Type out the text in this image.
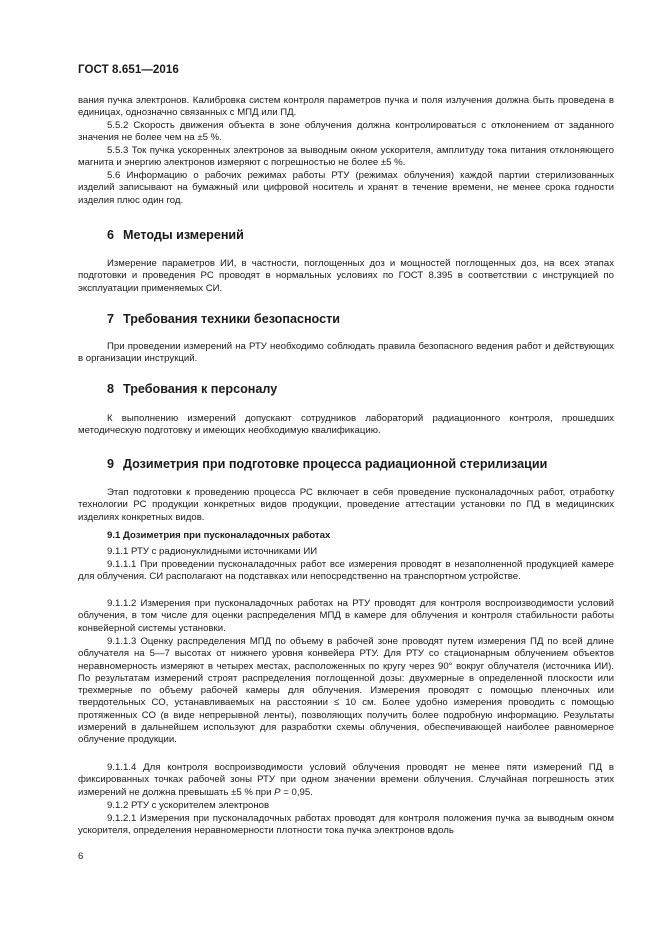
ГОСТ 8.651—2016
вания пучка электронов. Калибровка систем контроля параметров пучка и поля излучения должна быть проведена в единицах, однозначно связанных с МПД или ПД.
5.5.2 Скорость движения объекта в зоне облучения должна контролироваться с отклонением от заданного значения не более чем на ±5 %.
5.5.3 Ток пучка ускоренных электронов за выводным окном ускорителя, амплитуду тока питания отклоняющего магнита и энергию электронов измеряют с погрешностью не более ±5 %.
5.6 Информацию о рабочих режимах работы РТУ (режимах облучения) каждой партии стерилизованных изделий записывают на бумажный или цифровой носитель и хранят в течение времени, не менее срока годности изделия плюс один год.
6 Методы измерений
Измерение параметров ИИ, в частности, поглощенных доз и мощностей поглощенных доз, на всех этапах подготовки и проведения РС проводят в нормальных условиях по ГОСТ 8.395 в соответствии с инструкцией по эксплуатации применяемых СИ.
7 Требования техники безопасности
При проведении измерений на РТУ необходимо соблюдать правила безопасного ведения работ и действующих в организации инструкций.
8 Требования к персоналу
К выполнению измерений допускают сотрудников лабораторий радиационного контроля, прошедших методическую подготовку и имеющих необходимую квалификацию.
9 Дозиметрия при подготовке процесса радиационной стерилизации
Этап подготовки к проведению процесса РС включает в себя проведение пусконаладочных работ, отработку технологии РС продукции конкретных видов продукции, проведение аттестации установки по ПД в медицинских изделиях конкретных видов.
9.1 Дозиметрия при пусконаладочных работах
9.1.1 РТУ с радионуклидными источниками ИИ
9.1.1.1 При проведении пусконаладочных работ все измерения проводят в незаполненной продукцией камере для облучения. СИ располагают на подставках или непосредственно на транспортном устройстве.
9.1.1.2 Измерения при пусконаладочных работах на РТУ проводят для контроля воспроизводимости условий облучения, в том числе для оценки распределения МПД в камере для облучения и контроля стабильности работы конвейерной системы установки.
9.1.1.3 Оценку распределения МПД по объему в рабочей зоне проводят путем измерения ПД по всей длине облучателя на 5—7 высотах от нижнего уровня конвейера РТУ. Для РТУ со стационарным облучением объектов неравномерность измеряют в четырех местах, расположенных по кругу через 90° вокруг облучателя (источника ИИ). По результатам измерений строят распределения поглощенной дозы: двухмерные в определенной плоскости или трехмерные по объему рабочей камеры для облучения. Измерения проводят с помощью пленочных или твердотельных СО, устанавливаемых на расстоянии ≤ 10 см. Более удобно измерения проводить с помощью протяженных СО (в виде непрерывной ленты), позволяющих получить более подробную информацию. Результаты измерений в дальнейшем используют для разработки схемы облучения, обеспечивающей наиболее равномерное облучение продукции.
9.1.1.4 Для контроля воспроизводимости условий облучения проводят не менее пяти измерений ПД в фиксированных точках рабочей зоны РТУ при одном значении времени облучения. Случайная погрешность этих измерений не должна превышать ±5 % при P = 0,95.
9.1.2 РТУ с ускорителем электронов
9.1.2.1 Измерения при пусконаладочных работах проводят для контроля положения пучка за выводным окном ускорителя, определения неравномерности плотности тока пучка электронов вдоль
6
